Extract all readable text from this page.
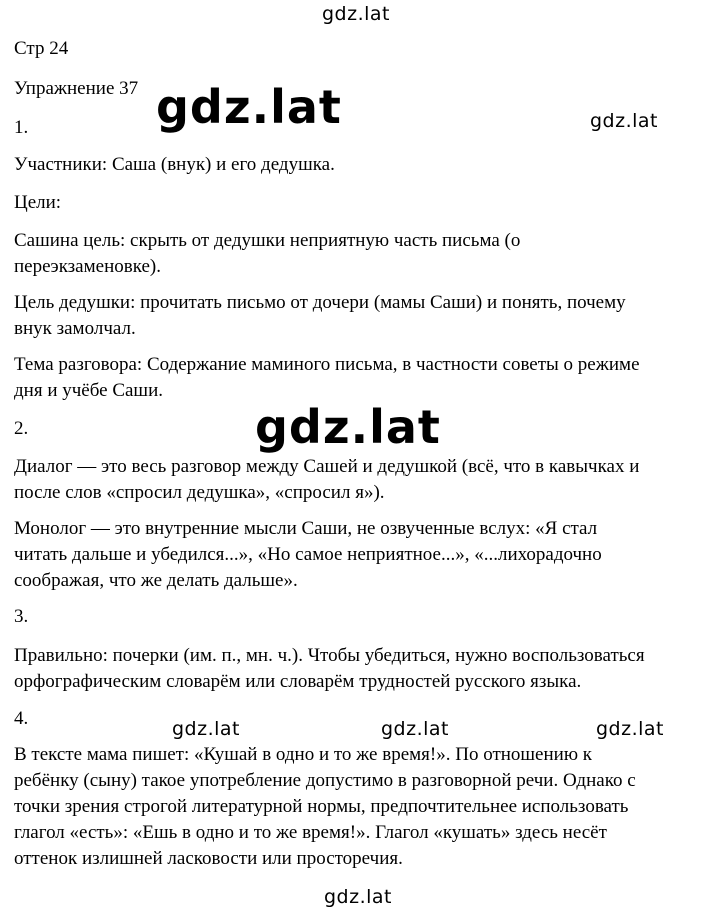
Стр 24
Упражнение 37
1.
Участники: Саша (внук) и его дедушка.
Цели:
Сашина цель: скрыть от дедушки неприятную часть письма (о
переэкзаменовке).
Цель дедушки: прочитать письмо от дочери (мамы Саши) и понять, почему
внук замолчал.
Тема разговора: Содержание маминого письма, в частности советы о режиме
дня и учёбе Саши.
2.
Диалог — это весь разговор между Сашей и дедушкой (всё, что в кавычках и
после слов «спросил дедушка», «спросил я»).
Монолог — это внутренние мысли Саши, не озвученные вслух: «Я стал
читать дальше и убедился...», «Но самое неприятное...», «...лихорадочно
соображая, что же делать дальше».
3.
Правильно: почерки (им. п., мн. ч.). Чтобы убедиться, нужно воспользоваться
орфографическим словарём или словарём трудностей русского языка.
4.
В тексте мама пишет: «Кушай в одно и то же время!». По отношению к
ребёнку (сыну) такое употребление допустимо в разговорной речи. Однако с
точки зрения строгой литературной нормы, предпочтительнее использовать
глагол «есть»: «Ешь в одно и то же время!». Глагол «кушать» здесь несёт
оттенок излишней ласковости или просторечия.
gdz.lat
gdz.lat	gdz.lat
gdz.lat
gdz.lat	gdz.lat	gdz.lat
gdz.lat
